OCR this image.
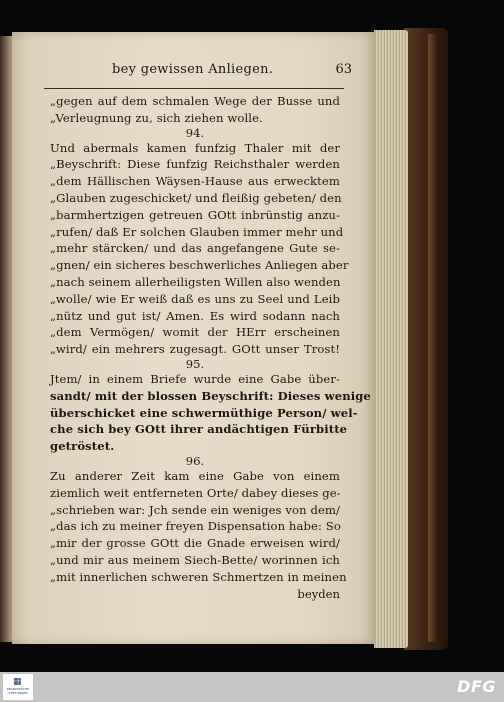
bey gewissen Anliegen.	63
„gegen auf dem schmalen Wege der Busse und
„Verleugnung zu, sich ziehen wolle.
94.
Und abermals kamen funfzig Thaler mit der
„Beyschrift: Diese funfzig Reichsthaler werden
„dem Hällischen Wäysen-Hause aus erwecktem
„Glauben zugeschicket/ und fleißig gebeten/ den
„barmhertzigen getreuen GOtt inbrünstig anzu-
„rufen/ daß Er solchen Glauben immer mehr und
„mehr stärcken/ und das angefangene Gute se-
„gnen/ ein sicheres beschwerliches Anliegen aber
„nach seinem allerheiligsten Willen also wenden
„wolle/ wie Er weiß daß es uns zu Seel und Leib
„nütz und gut ist/ Amen. Es wird sodann nach
„dem Vermögen/ womit der HErr erscheinen
„wird/ ein mehrers zugesagt. GOtt unser Trost!
95.
Jtem/ in einem Briefe wurde eine Gabe über-
sandt/ mit der blossen Beyschrift: Dieses wenige
überschicket eine schwermüthige Person/ wel-
che sich bey GOtt ihrer andächtigen Fürbitte
getröstet.
96.
Zu anderer Zeit kam eine Gabe von einem
ziemlich weit entferneten Orte/ dabey dieses ge-
„schrieben war: Jch sende ein weniges von dem/
„das ich zu meiner freyen Dispensation habe: So
„mir der grosse GOtt die Gnade erweisen wird/
„und mir aus meinem Siech-Bette/ worinnen ich
„mit innerlichen schweren Schmertzen in meinen
beyden
▦
FRANCKESCHE STIFTUNGEN	DFG
